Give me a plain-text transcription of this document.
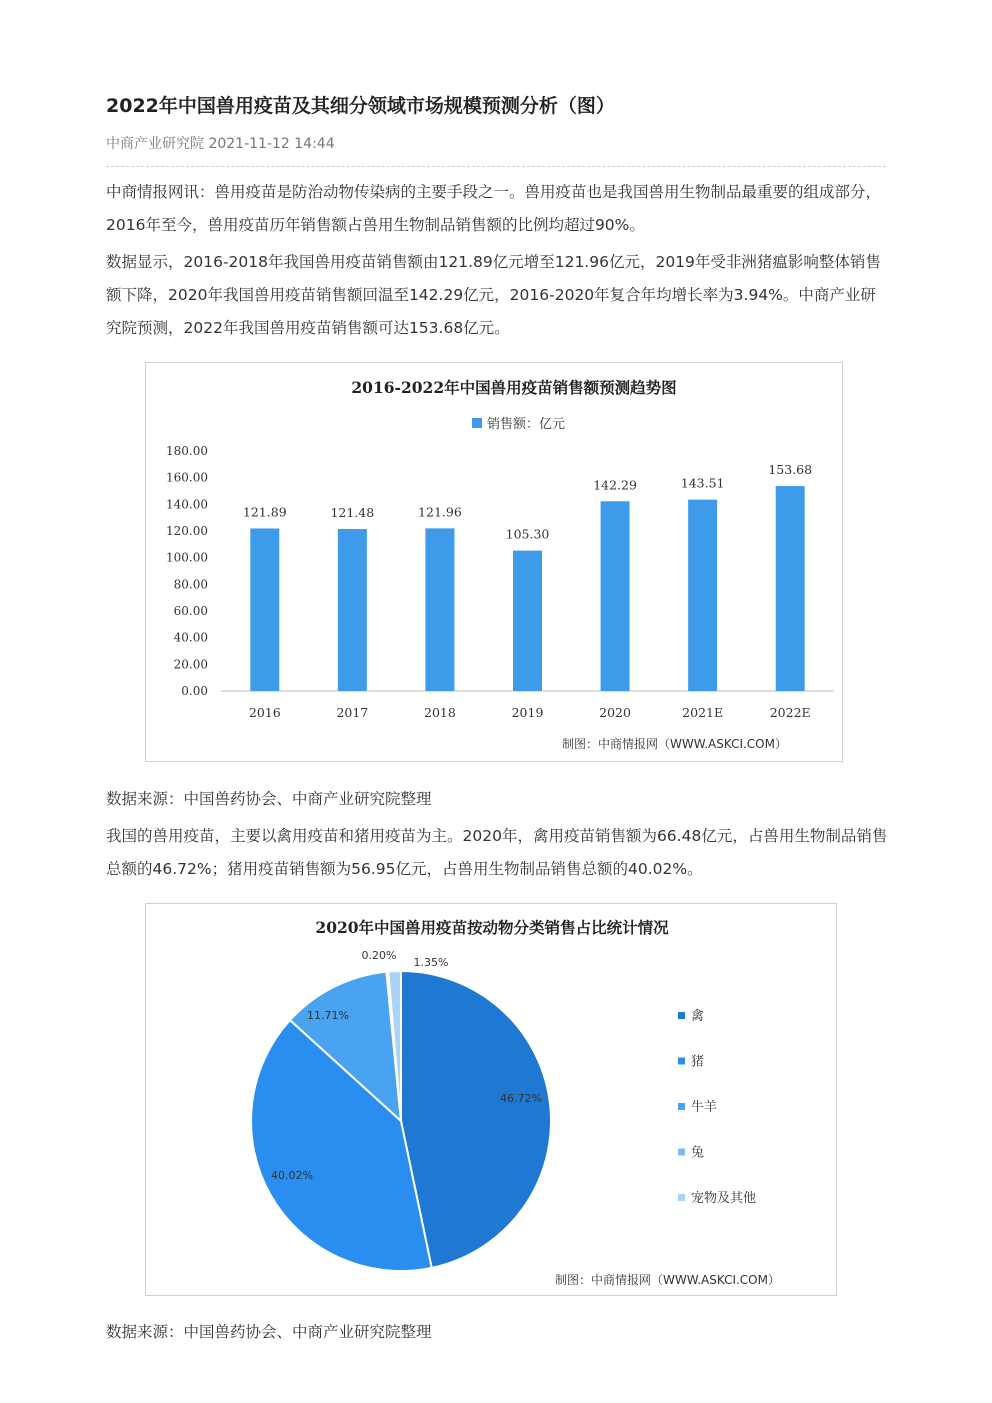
2022年中国兽用疫苗及其细分领域市场规模预测分析（图）
中商产业研究院 2021-11-12 14:44

中商情报网讯：兽用疫苗是防治动物传染病的主要手段之一。兽用疫苗也是我国兽用生物制品最重要的组成部分，2016年至今，兽用疫苗历年销售额占兽用生物制品销售额的比例均超过90%。

数据显示，2016-2018年我国兽用疫苗销售额由121.89亿元增至121.96亿元，2019年受非洲猪瘟影响整体销售额下降，2020年我国兽用疫苗销售额回温至142.29亿元，2016-2020年复合年均增长率为3.94%。中商产业研究院预测，2022年我国兽用疫苗销售额可达153.68亿元。

2016-2022年中国兽用疫苗销售额预测趋势图
销售额：亿元
0.00
20.00
40.00
60.00
80.00
100.00
120.00
140.00
160.00
180.00
2016	2017	2018	2019	2020	2021E	2022E
121.89	121.48	121.96
105.30
142.29	143.51
153.68
制图：中商情报网（WWW.ASKCI.COM）
数据来源：中国兽药协会、中商产业研究院整理

我国的兽用疫苗，主要以禽用疫苗和猪用疫苗为主。2020年，禽用疫苗销售额为66.48亿元，占兽用生物制品销售总额的46.72%；猪用疫苗销售额为56.95亿元，占兽用生物制品销售总额的40.02%。

2020年中国兽用疫苗按动物分类销售占比统计情况
46.72%
40.02%
11.71%
0.20%
1.35%
禽
猪
牛羊
兔
宠物及其他
制图：中商情报网（WWW.ASKCI.COM）
数据来源：中国兽药协会、中商产业研究院整理
